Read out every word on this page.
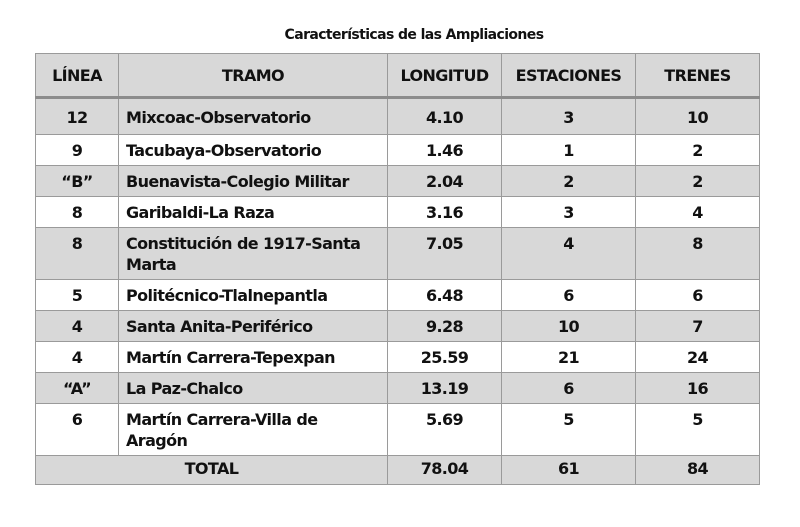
Características de las Ampliaciones
LÍNEA	TRAMO	LONGITUD	ESTACIONES	TRENES
12	Mixcoac-Observatorio	4.10	3	10
9	Tacubaya-Observatorio	1.46	1	2
“B”	Buenavista-Colegio Militar	2.04	2	2
8	Garibaldi-La Raza	3.16	3	4
8	Constitución de 1917-Santa Marta	7.05	4	8
5	Politécnico-Tlalnepantla	6.48	6	6
4	Santa Anita-Periférico	9.28	10	7
4	Martín Carrera-Tepexpan	25.59	21	24
“A”	La Paz-Chalco	13.19	6	16
6	Martín Carrera-Villa de Aragón	5.69	5	5
TOTAL		78.04	61	84
